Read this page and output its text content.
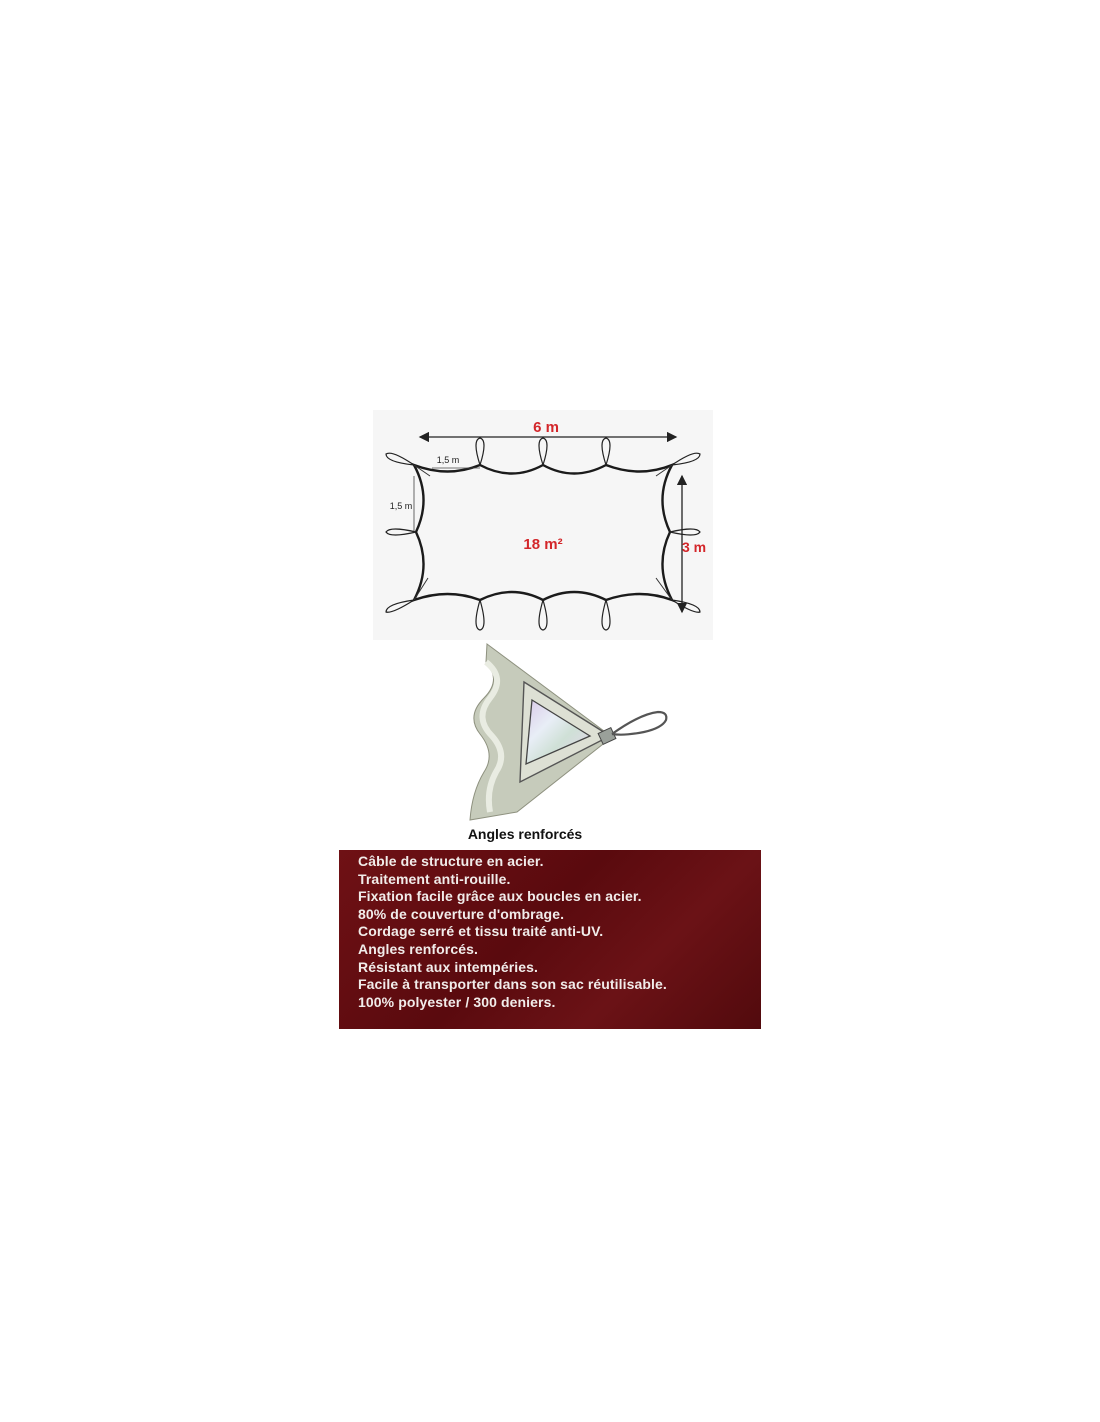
6 m
3 m
1,5 m
1,5 m
18 m²
Angles renforcés
Câble de structure en acier.
Traitement anti-rouille.
Fixation facile grâce aux boucles en acier.
80% de couverture d'ombrage.
Cordage serré et tissu traité anti-UV.
Angles renforcés.
Résistant aux intempéries.
Facile à transporter dans son sac réutilisable.
100% polyester / 300 deniers.
